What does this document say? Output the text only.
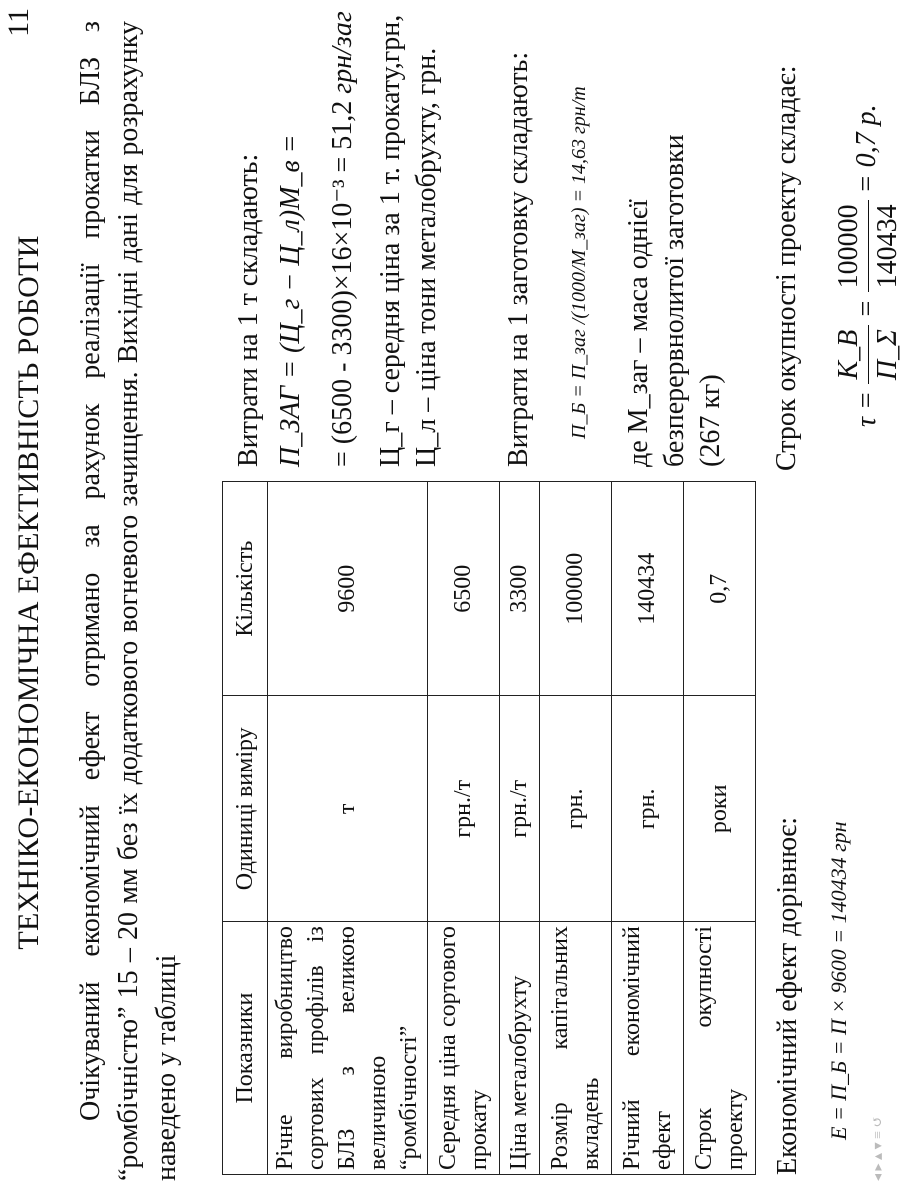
11
ТЕХНІКО-ЕКОНОМІЧНА ЕФЕКТИВНІСТЬ РОБОТИ Очікуваний економічний ефект отримано за рахунок реалізації прокатки БЛЗ з “ромбічністю” 15 – 20 мм без їх додаткового вогневого зачищення. Вихідні дані для розрахунку наведено у таблиці Показники	Одиниці виміру	Кількість
Річне виробництво сортових профілів із БЛЗ з великою величиною “ромбічності”	т	9600
Середня ціна сортового прокату	грн./т	6500
Ціна металобрухту	грн./т	3300
Розмір капітальних вкладень	грн.	100000
Річний економічний ефект	грн.	140434
Строк окупності проекту	роки	0,7
Економічний ефект дорівнює: Е = П_Б = П × 9600 = 140434 грн
Витрати на 1 т складають: П_ЗАГ = (Ц_г − Ц_л)М_в = = (6500 - 3300)×16×10⁻³ = 51,2 грн/заг Ц_г – середня ціна за 1 т. прокату,грн, Ц_л – ціна тони металобрухту, грн. Витрати на 1 заготовку складають:	П_Б = П_заг /(1000/М_заг) = 14,63 грн/т де М_заг – маса однієї безперервнолитої заготовки (267 кг) Строк окупності проекту складає:	τ =
К_В П_Σ
=
100000 140434
= 0,7 р.
◂ ▸ ▴ ▾ ≡ ↺
